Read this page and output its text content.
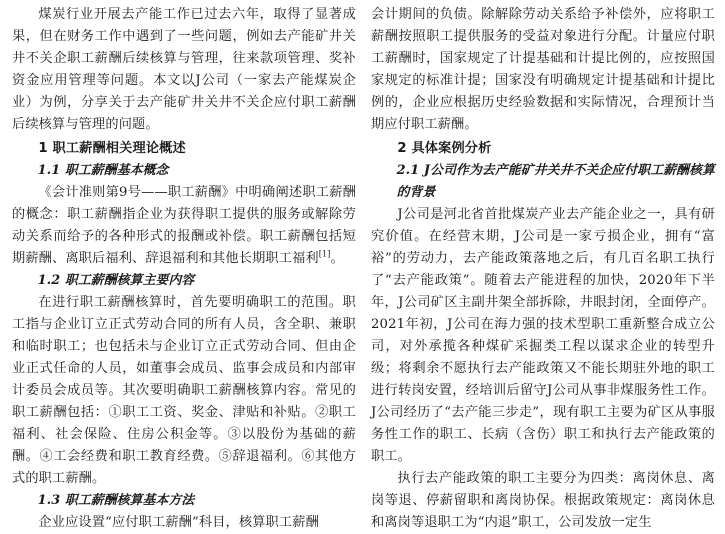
煤炭行业开展去产能工作已过去六年，取得了显著成果，但在财务工作中遇到了一些问题，例如去产能矿井关井不关企职工薪酬后续核算与管理，往来款项管理、奖补资金应用管理等问题。本文以J公司（一家去产能煤炭企业）为例，分享关于去产能矿井关井不关企应付职工薪酬后续核算与管理的问题。

1 职工薪酬相关理论概述
1.1 职工薪酬基本概念

《会计准则第9号——职工薪酬》中明确阐述职工薪酬的概念：职工薪酬指企业为获得职工提供的服务或解除劳动关系而给予的各种形式的报酬或补偿。职工薪酬包括短期薪酬、离职后福利、辞退福利和其他长期职工福利[1]。

1.2 职工薪酬核算主要内容

在进行职工薪酬核算时，首先要明确职工的范围。职工指与企业订立正式劳动合同的所有人员，含全职、兼职和临时职工；也包括未与企业订立正式劳动合同、但由企业正式任命的人员，如董事会成员、监事会成员和内部审计委员会成员等。其次要明确职工薪酬核算内容。常见的职工薪酬包括：①职工工资、奖金、津贴和补贴。②职工福利、社会保险、住房公积金等。③以股份为基础的薪酬。④工会经费和职工教育经费。⑤辞退福利。⑥其他方式的职工薪酬。

1.3 职工薪酬核算基本方法

企业应设置“应付职工薪酬”科目，核算职工薪酬

会计期间的负债。除解除劳动关系给予补偿外，应将职工薪酬按照职工提供服务的受益对象进行分配。计量应付职工薪酬时，国家规定了计提基础和计提比例的，应按照国家规定的标准计提；国家没有明确规定计提基础和计提比例的，企业应根据历史经验数据和实际情况，合理预计当期应付职工薪酬。

2 具体案例分析
2.1 J公司作为去产能矿井关井不关企应付职工薪酬核算的背景

J公司是河北省首批煤炭产业去产能企业之一，具有研究价值。在经营末期，J公司是一家亏损企业，拥有“富裕”的劳动力，去产能政策落地之后，有几百名职工执行了“去产能政策”。随着去产能进程的加快，2020年下半年，J公司矿区主副井架全部拆除，井眼封闭，全面停产。2021年初，J公司在海力强的技术型职工重新整合成立公司，对外承揽各种煤矿采掘类工程以谋求企业的转型升级；将剩余不愿执行去产能政策又不能长期驻外地的职工进行转岗安置，经培训后留守J公司从事非煤服务性工作。J公司经历了“去产能三步走”，现有职工主要为矿区从事服务性工作的职工、长病（含伤）职工和执行去产能政策的职工。

执行去产能政策的职工主要分为四类：离岗休息、离岗等退、停薪留职和离岗协保。根据政策规定：离岗休息和离岗等退职工为“内退”职工，公司发放一定生
